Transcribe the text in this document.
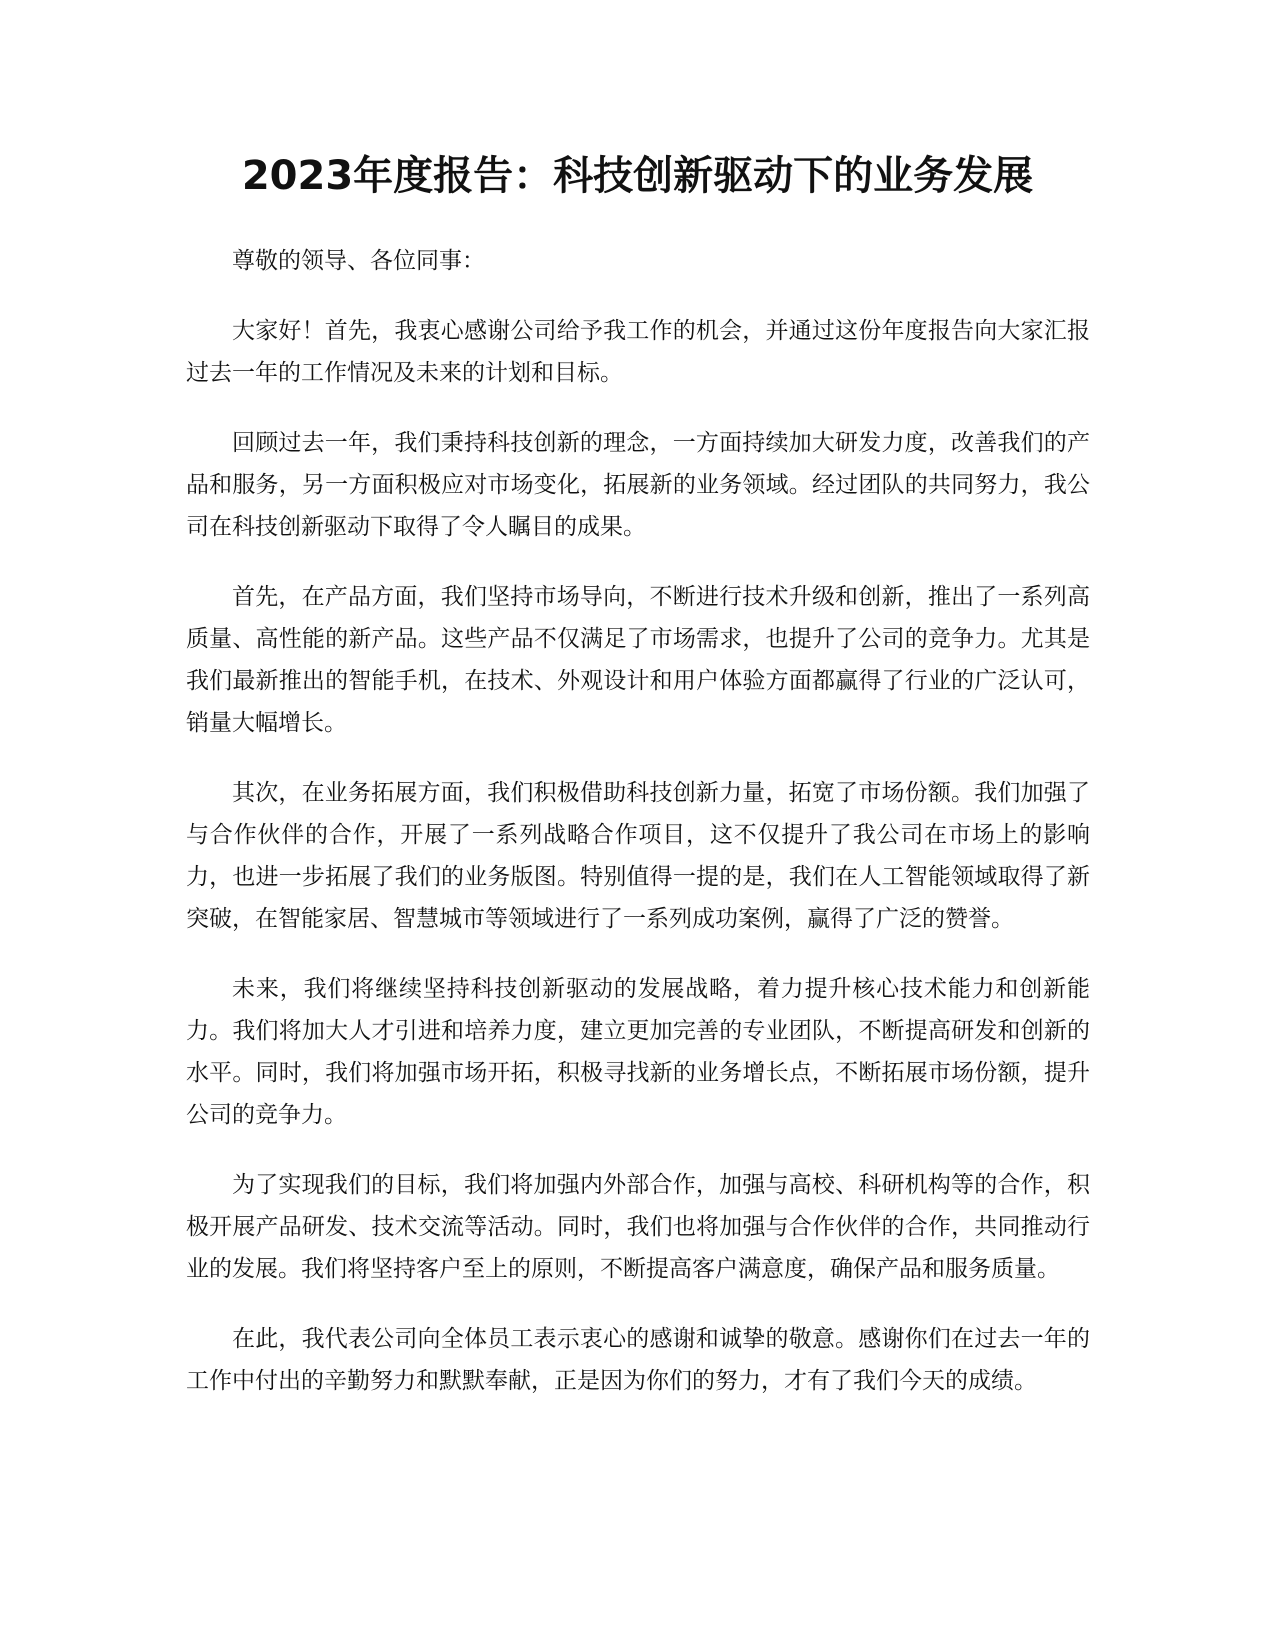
2023年度报告：科技创新驱动下的业务发展

尊敬的领导、各位同事：

大家好！首先，我衷心感谢公司给予我工作的机会，并通过这份年度报告向大家汇报过去一年的工作情况及未来的计划和目标。

回顾过去一年，我们秉持科技创新的理念，一方面持续加大研发力度，改善我们的产品和服务，另一方面积极应对市场变化，拓展新的业务领域。经过团队的共同努力，我公司在科技创新驱动下取得了令人瞩目的成果。

首先，在产品方面，我们坚持市场导向，不断进行技术升级和创新，推出了一系列高质量、高性能的新产品。这些产品不仅满足了市场需求，也提升了公司的竞争力。尤其是我们最新推出的智能手机，在技术、外观设计和用户体验方面都赢得了行业的广泛认可，销量大幅增长。

其次，在业务拓展方面，我们积极借助科技创新力量，拓宽了市场份额。我们加强了与合作伙伴的合作，开展了一系列战略合作项目，这不仅提升了我公司在市场上的影响力，也进一步拓展了我们的业务版图。特别值得一提的是，我们在人工智能领域取得了新突破，在智能家居、智慧城市等领域进行了一系列成功案例，赢得了广泛的赞誉。

未来，我们将继续坚持科技创新驱动的发展战略，着力提升核心技术能力和创新能力。我们将加大人才引进和培养力度，建立更加完善的专业团队，不断提高研发和创新的水平。同时，我们将加强市场开拓，积极寻找新的业务增长点，不断拓展市场份额，提升公司的竞争力。

为了实现我们的目标，我们将加强内外部合作，加强与高校、科研机构等的合作，积极开展产品研发、技术交流等活动。同时，我们也将加强与合作伙伴的合作，共同推动行业的发展。我们将坚持客户至上的原则，不断提高客户满意度，确保产品和服务质量。

在此，我代表公司向全体员工表示衷心的感谢和诚挚的敬意。感谢你们在过去一年的工作中付出的辛勤努力和默默奉献，正是因为你们的努力，才有了我们今天的成绩。
